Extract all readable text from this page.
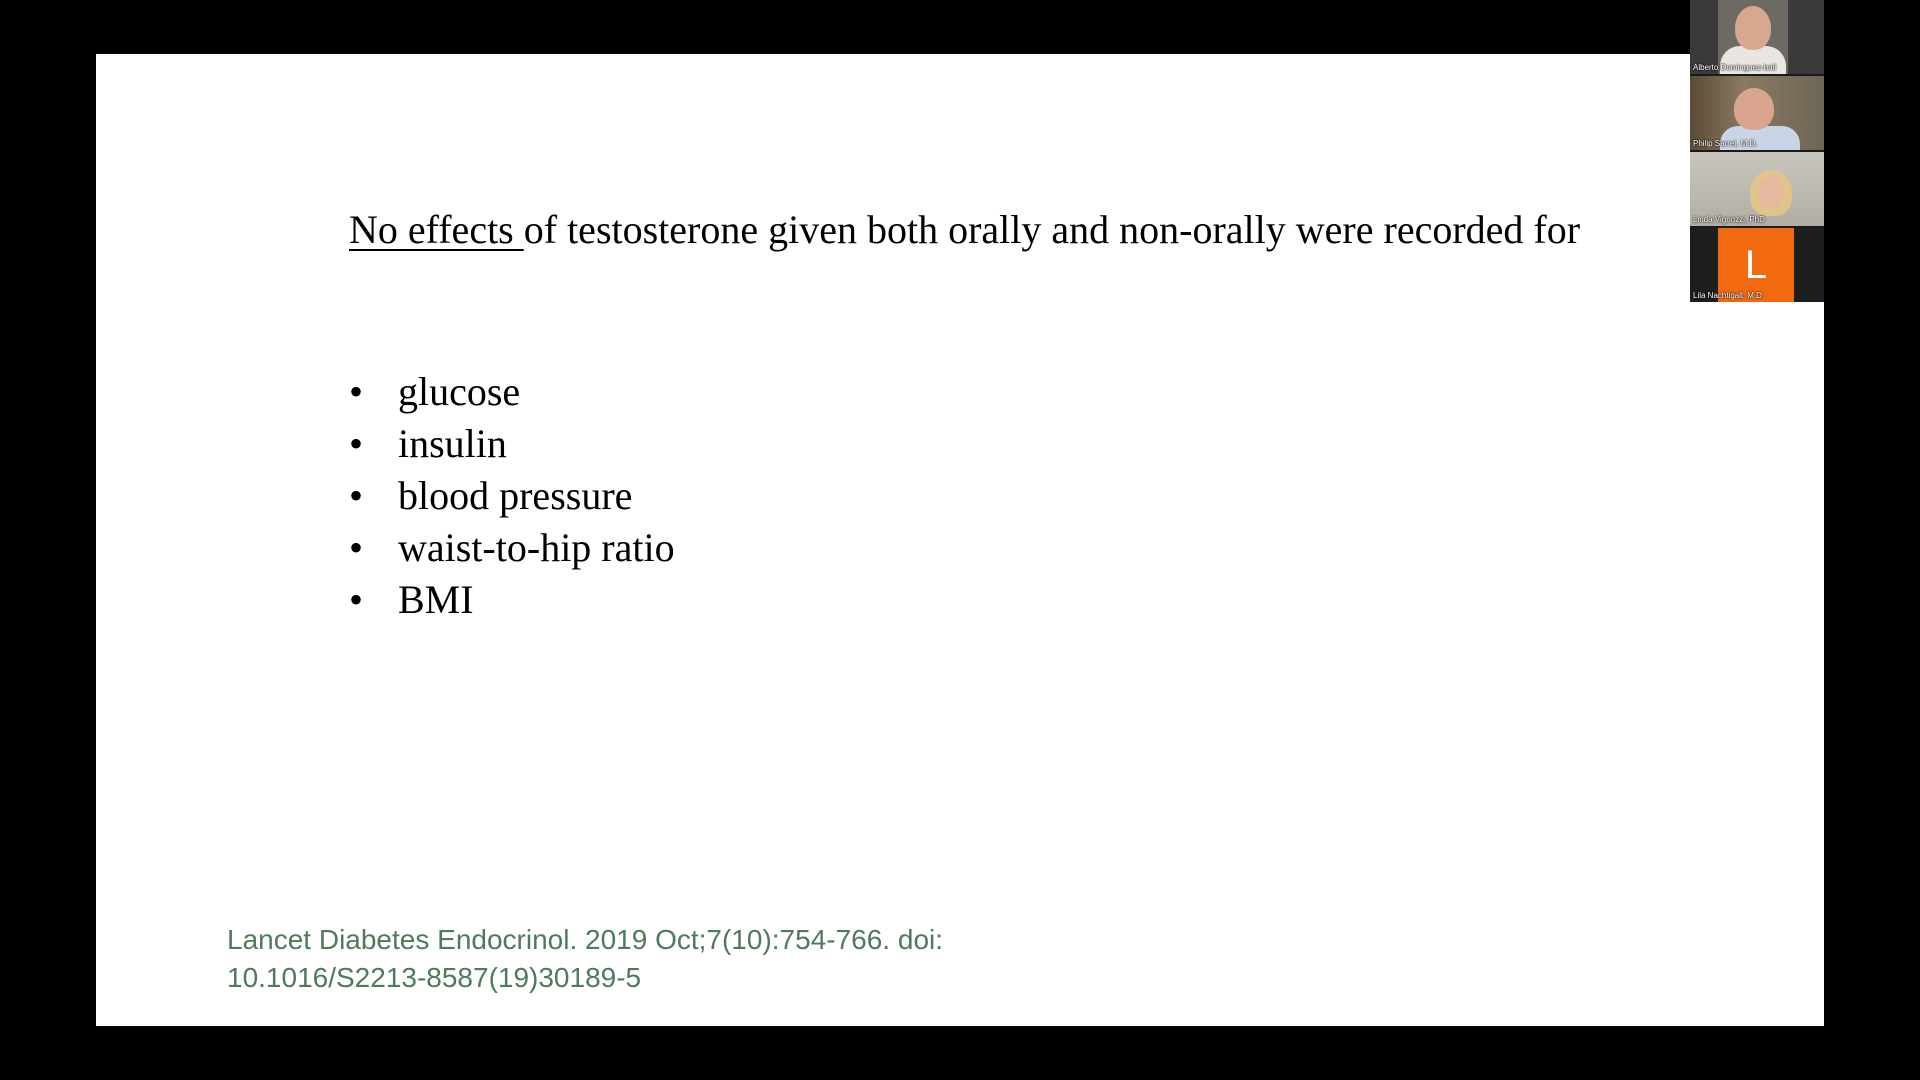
No effects of testosterone given both orally and non-orally were recorded for

• glucose
• insulin
• blood pressure
• waist-to-hip ratio
• BMI

Lancet Diabetes Endocrinol. 2019 Oct;7(10):754-766. doi:
10.1016/S2213-8587(19)30189-5

Alberto Dominguez-bali
Philip Sarrel, M.D.
Linda Vignozzi, PhD
L
Lila Nachtigall, M.D.
